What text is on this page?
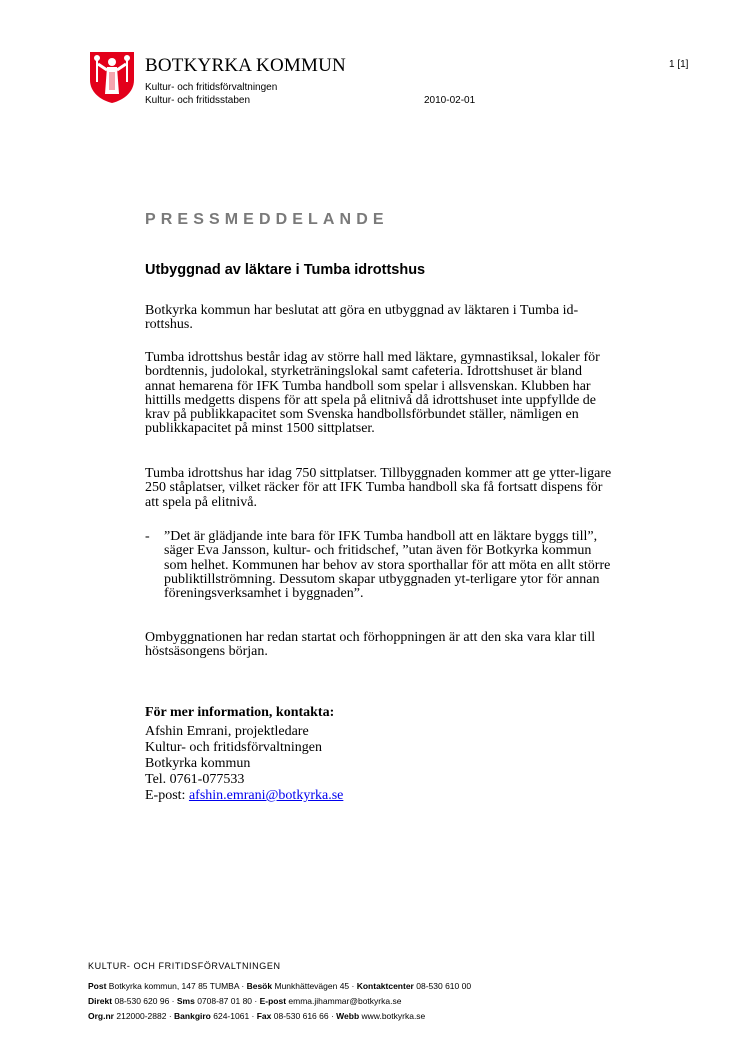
BOTKYRKA KOMMUN
Kultur- och fritidsförvaltningen
Kultur- och fritidsstaben	2010-02-01
1 [1]
PRESSMEDDELANDE
Utbyggnad av läktare i Tumba idrottshus
Botkyrka kommun har beslutat att göra en utbyggnad av läktaren i Tumba id-rottshus.
Tumba idrottshus består idag av större hall med läktare, gymnastiksal, lokaler för bordtennis, judolokal, styrketräningslokal samt cafeteria. Idrottshuset är bland annat hemarena för IFK Tumba handboll som spelar i allsvenskan. Klubben har hittills medgetts dispens för att spela på elitnivå då idrottshuset inte uppfyllde de krav på publikkapacitet som Svenska handbollsförbundet ställer, nämligen en publikkapacitet på minst 1500 sittplatser.
Tumba idrottshus har idag 750 sittplatser. Tillbyggnaden kommer att ge ytter-ligare 250 ståplatser, vilket räcker för att IFK Tumba handboll ska få fortsatt dispens för att spela på elitnivå.
- ”Det är glädjande inte bara för IFK Tumba handboll att en läktare byggs till”, säger Eva Jansson, kultur- och fritidschef, ”utan även för Botkyrka kommun som helhet. Kommunen har behov av stora sporthallar för att möta en allt större publiktillströmning. Dessutom skapar utbyggnaden yt-terligare ytor för annan föreningsverksamhet i byggnaden”.
Ombyggnationen har redan startat och förhoppningen är att den ska vara klar till höstsäsongens början.
För mer information, kontakta:
Afshin Emrani, projektledare
Kultur- och fritidsförvaltningen
Botkyrka kommun
Tel. 0761-077533
E-post: afshin.emrani@botkyrka.se
KULTUR- OCH FRITIDSFÖRVALTNINGEN
Post Botkyrka kommun, 147 85 TUMBA · Besök Munkhättevägen 45 · Kontaktcenter 08-530 610 00
Direkt 08-530 620 96 · Sms 0708-87 01 80 · E-post emma.jihammar@botkyrka.se
Org.nr 212000-2882 · Bankgiro 624-1061 · Fax 08-530 616 66 · Webb www.botkyrka.se
